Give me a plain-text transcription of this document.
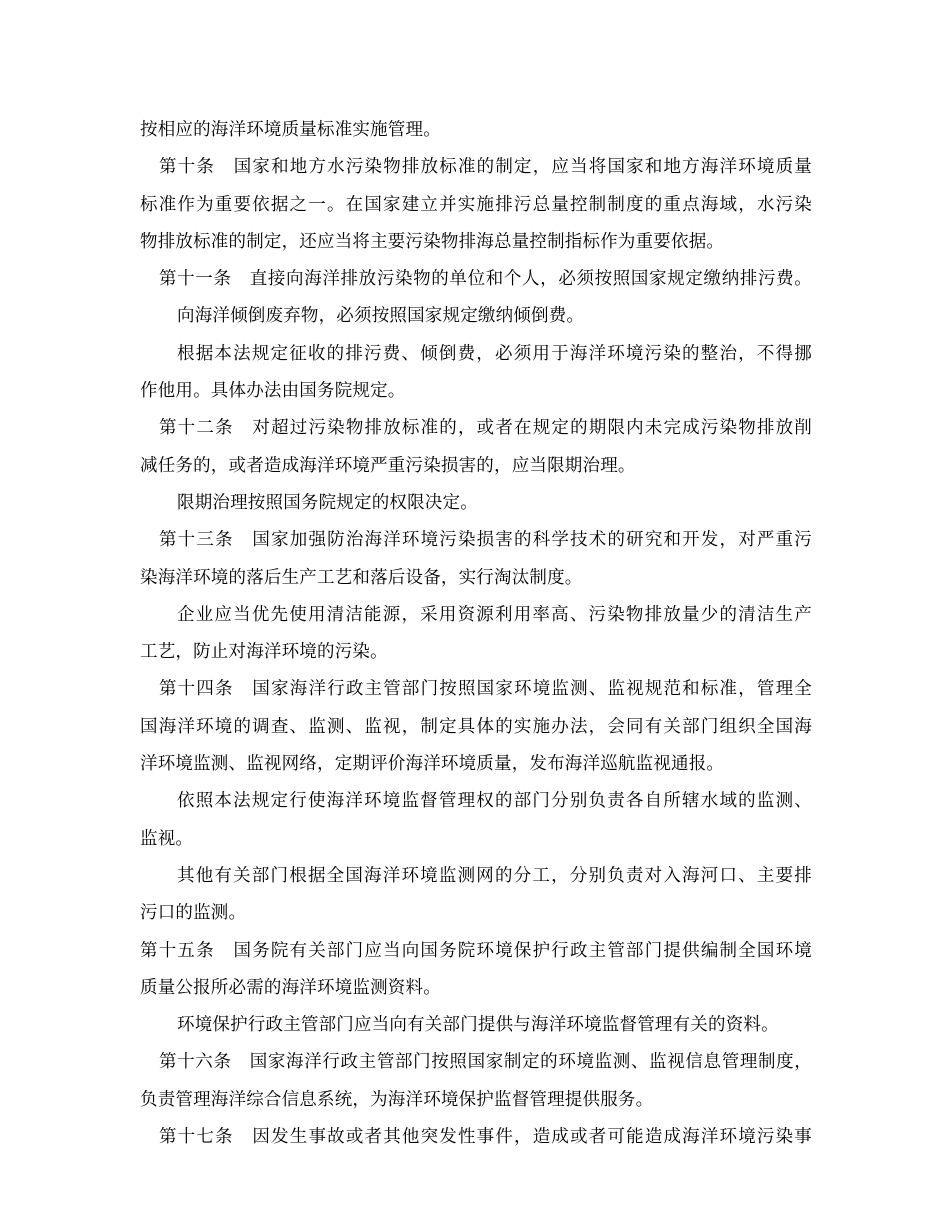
按相应的海洋环境质量标准实施管理。
第十条　国家和地方水污染物排放标准的制定，应当将国家和地方海洋环境质量
标准作为重要依据之一。在国家建立并实施排污总量控制制度的重点海域，水污染
物排放标准的制定，还应当将主要污染物排海总量控制指标作为重要依据。
第十一条　直接向海洋排放污染物的单位和个人，必须按照国家规定缴纳排污费。
向海洋倾倒废弃物，必须按照国家规定缴纳倾倒费。
根据本法规定征收的排污费、倾倒费，必须用于海洋环境污染的整治，不得挪
作他用。具体办法由国务院规定。
第十二条　对超过污染物排放标准的，或者在规定的期限内未完成污染物排放削
减任务的，或者造成海洋环境严重污染损害的，应当限期治理。
限期治理按照国务院规定的权限决定。
第十三条　国家加强防治海洋环境污染损害的科学技术的研究和开发，对严重污
染海洋环境的落后生产工艺和落后设备，实行淘汰制度。
企业应当优先使用清洁能源，采用资源利用率高、污染物排放量少的清洁生产
工艺，防止对海洋环境的污染。
第十四条　国家海洋行政主管部门按照国家环境监测、监视规范和标准，管理全
国海洋环境的调查、监测、监视，制定具体的实施办法，会同有关部门组织全国海
洋环境监测、监视网络，定期评价海洋环境质量，发布海洋巡航监视通报。
依照本法规定行使海洋环境监督管理权的部门分别负责各自所辖水域的监测、
监视。
其他有关部门根据全国海洋环境监测网的分工，分别负责对入海河口、主要排
污口的监测。
第十五条　国务院有关部门应当向国务院环境保护行政主管部门提供编制全国环境
质量公报所必需的海洋环境监测资料。
环境保护行政主管部门应当向有关部门提供与海洋环境监督管理有关的资料。
第十六条　国家海洋行政主管部门按照国家制定的环境监测、监视信息管理制度，
负责管理海洋综合信息系统，为海洋环境保护监督管理提供服务。
第十七条　因发生事故或者其他突发性事件，造成或者可能造成海洋环境污染事
